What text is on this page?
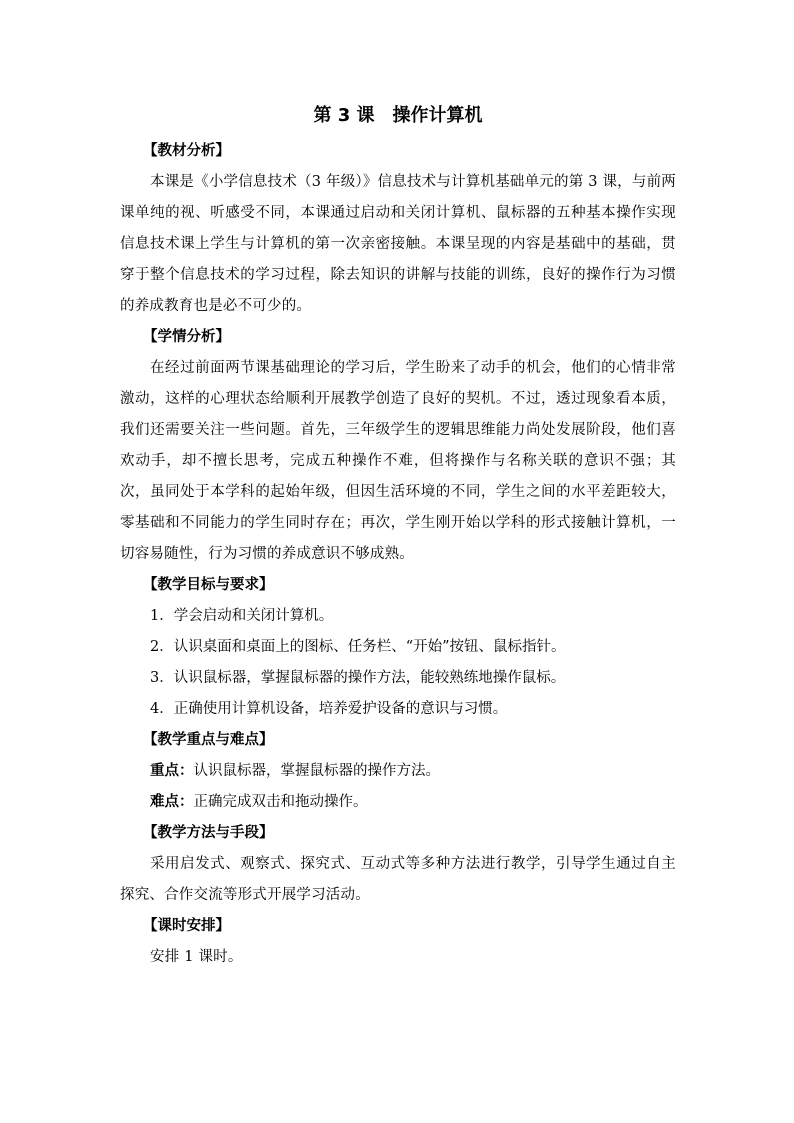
第 3 课　操作计算机
【教材分析】

本课是《小学信息技术（3 年级）》信息技术与计算机基础单元的第 3 课，与前两课单纯的视、听感受不同，本课通过启动和关闭计算机、鼠标器的五种基本操作实现信息技术课上学生与计算机的第一次亲密接触。本课呈现的内容是基础中的基础，贯穿于整个信息技术的学习过程，除去知识的讲解与技能的训练，良好的操作行为习惯的养成教育也是必不可少的。

【学情分析】

在经过前面两节课基础理论的学习后，学生盼来了动手的机会，他们的心情非常激动，这样的心理状态给顺利开展教学创造了良好的契机。不过，透过现象看本质，我们还需要关注一些问题。首先，三年级学生的逻辑思维能力尚处发展阶段，他们喜欢动手，却不擅长思考，完成五种操作不难，但将操作与名称关联的意识不强；其次，虽同处于本学科的起始年级，但因生活环境的不同，学生之间的水平差距较大，零基础和不同能力的学生同时存在；再次，学生刚开始以学科的形式接触计算机，一切容易随性，行为习惯的养成意识不够成熟。

【教学目标与要求】
1．学会启动和关闭计算机。
2．认识桌面和桌面上的图标、任务栏、“开始”按钮、鼠标指针。
3．认识鼠标器，掌握鼠标器的操作方法，能较熟练地操作鼠标。
4．正确使用计算机设备，培养爱护设备的意识与习惯。
【教学重点与难点】
重点：认识鼠标器，掌握鼠标器的操作方法。
难点：正确完成双击和拖动操作。
【教学方法与手段】

采用启发式、观察式、探究式、互动式等多种方法进行教学，引导学生通过自主探究、合作交流等形式开展学习活动。

【课时安排】

安排 1 课时。
